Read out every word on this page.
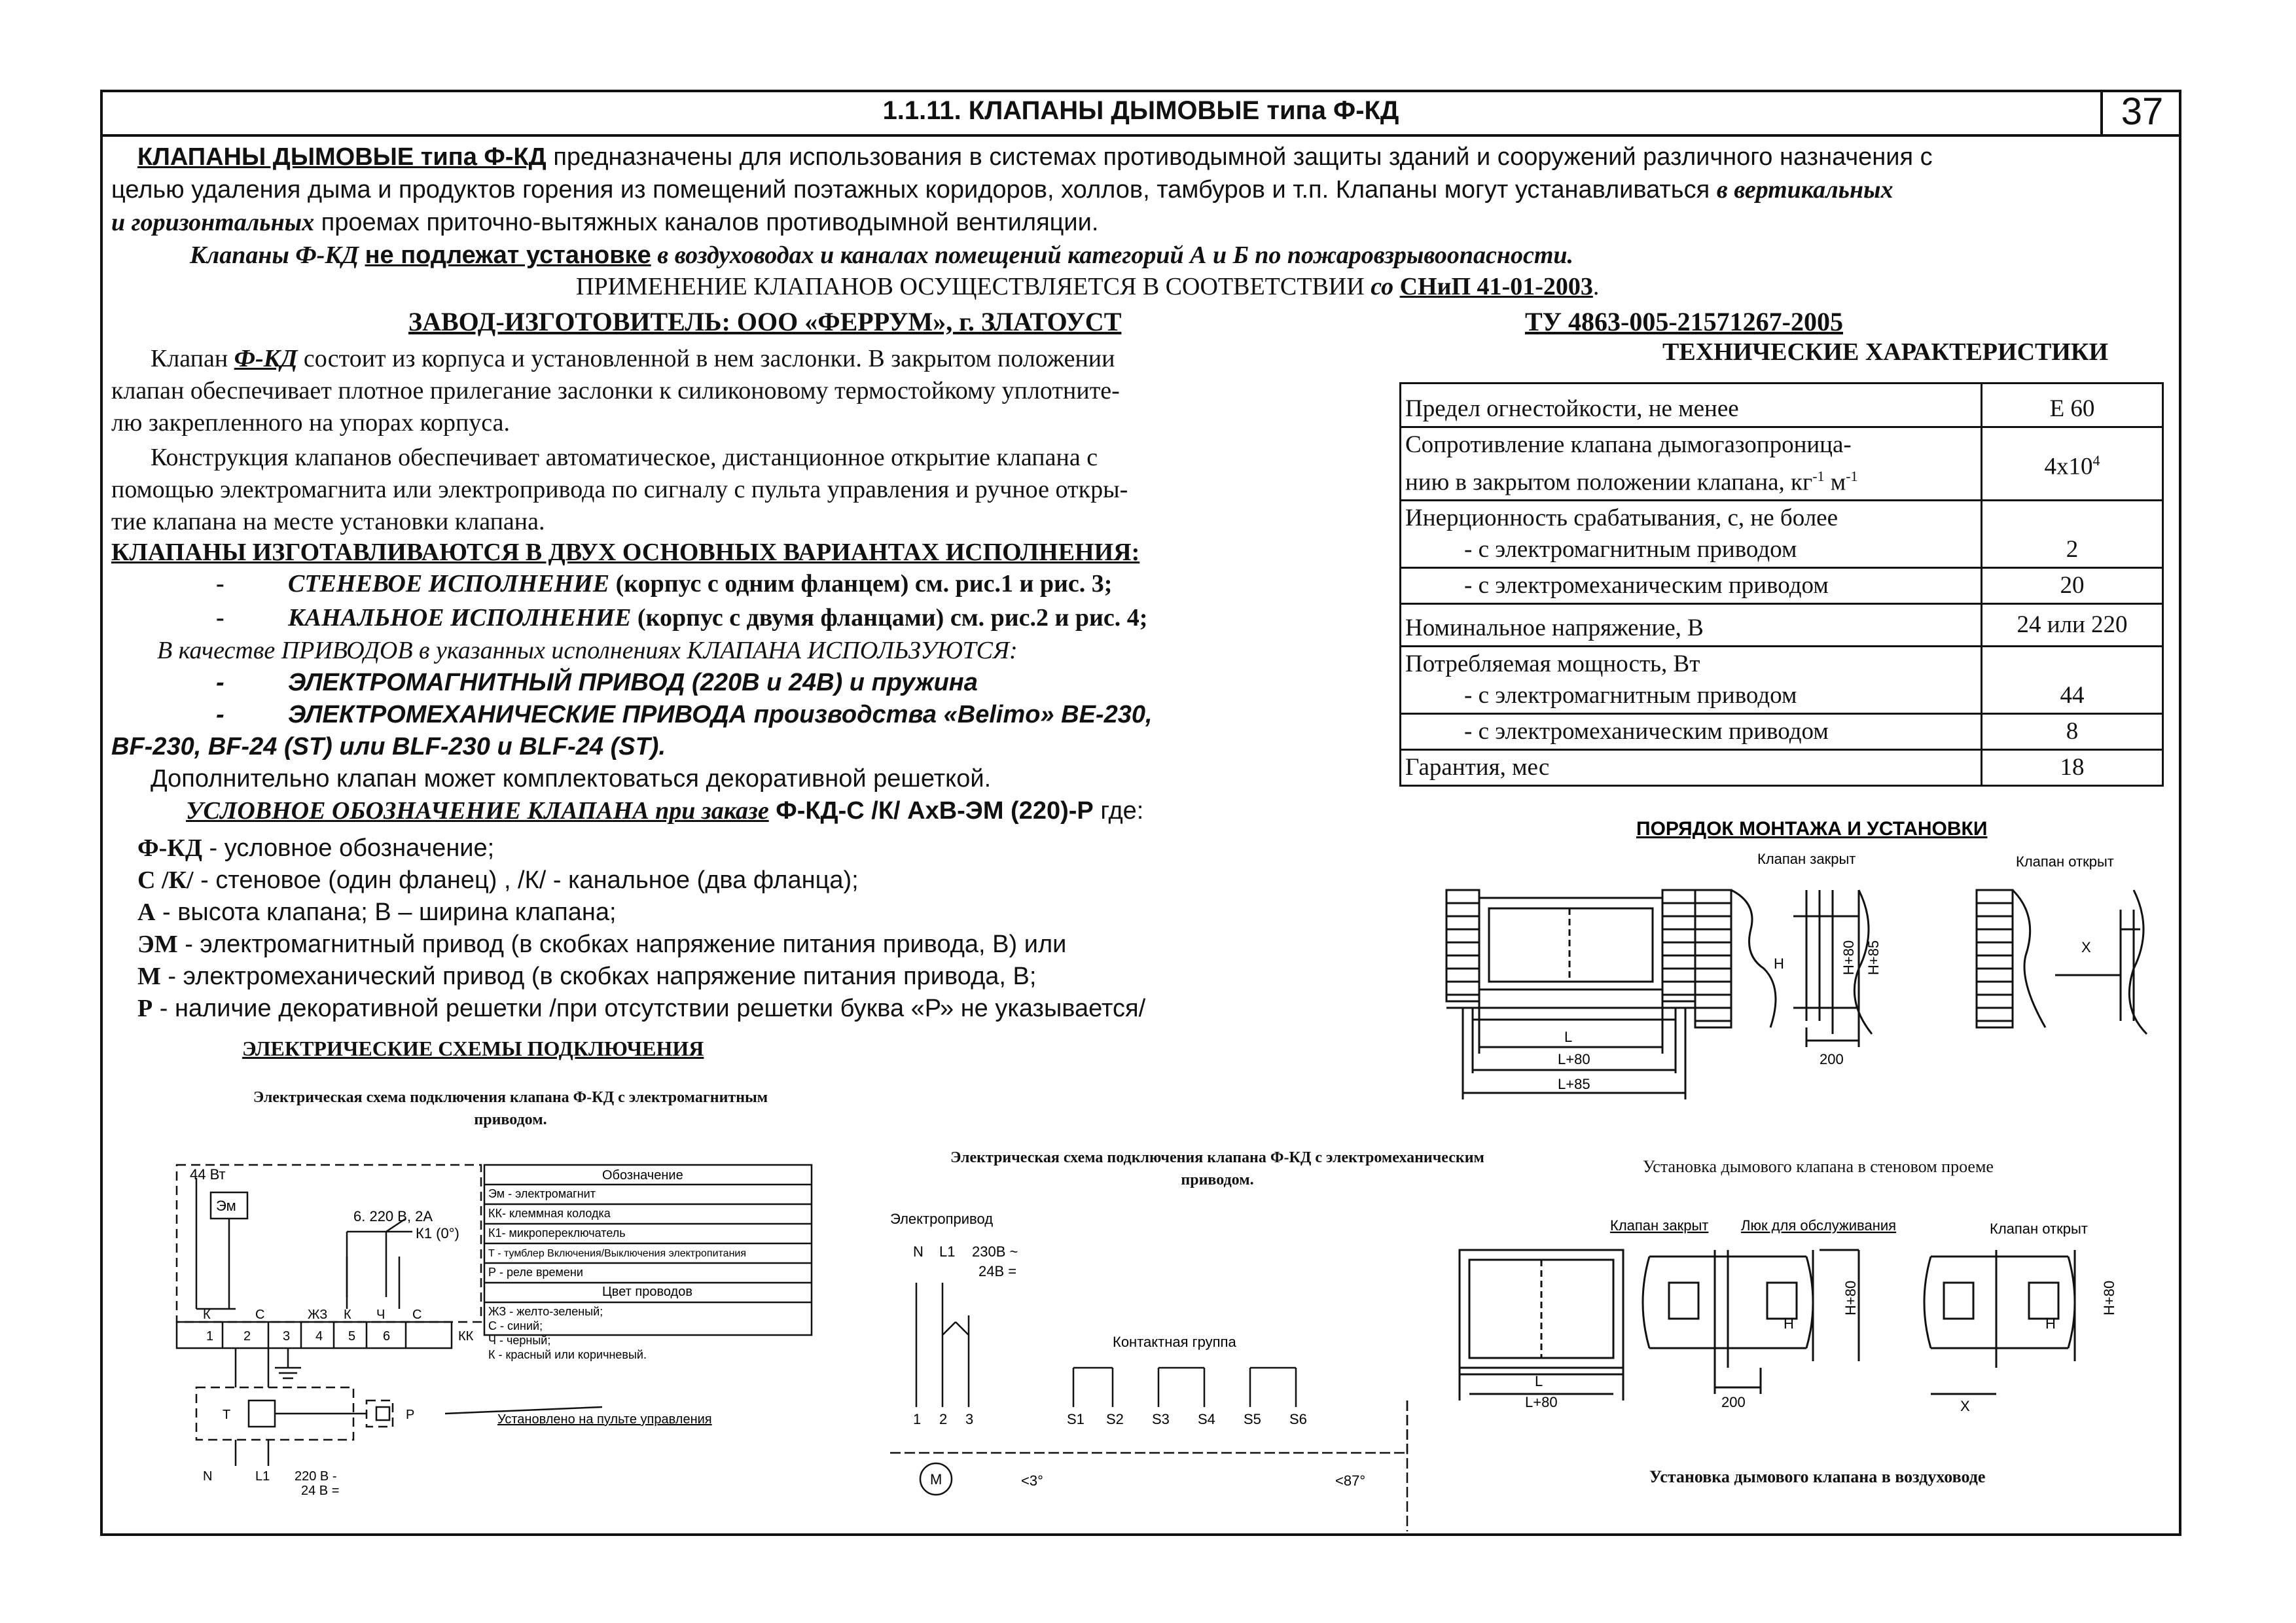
1.1.11. КЛАПАНЫ ДЫМОВЫЕ типа Ф-КД	37
КЛАПАНЫ ДЫМОВЫЕ типа Ф-КД предназначены для использования в системах противодымной защиты зданий и сооружений различного назначения с
целью удаления дыма и продуктов горения из помещений поэтажных коридоров, холлов, тамбуров и т.п. Клапаны могут устанавливаться в вертикальных
и горизонтальных проемах приточно-вытяжных каналов противодымной вентиляции.
Клапаны Ф-КД не подлежат установке в воздуховодах и каналах помещений категорий А и Б по пожаровзрывоопасности.
ПРИМЕНЕНИЕ КЛАПАНОВ ОСУЩЕСТВЛЯЕТСЯ В СООТВЕТСТВИИ со СНиП 41-01-2003.
ЗАВОД-ИЗГОТОВИТЕЛЬ: ООО «ФЕРРУМ», г. ЗЛАТОУСТ	ТУ 4863-005-21571267-2005
ТЕХНИЧЕСКИЕ ХАРАКТЕРИСТИКИ
Клапан Ф-КД состоит из корпуса и установленной в нем заслонки. В закрытом положении
клапан обеспечивает плотное прилегание заслонки к силиконовому термостойкому уплотните-
лю закрепленного на упорах корпуса.
Конструкция клапанов обеспечивает автоматическое, дистанционное открытие клапана с
помощью электромагнита или электропривода по сигналу с пульта управления и ручное откры-
тие клапана на месте установки клапана.
КЛАПАНЫ ИЗГОТАВЛИВАЮТСЯ В ДВУХ ОСНОВНЫХ ВАРИАНТАХ ИСПОЛНЕНИЯ:
-	СТЕНЕВОЕ ИСПОЛНЕНИЕ (корпус с одним фланцем) см. рис.1 и рис. 3;
-	КАНАЛЬНОЕ ИСПОЛНЕНИЕ (корпус с двумя фланцами) см. рис.2 и рис. 4;
В качестве ПРИВОДОВ в указанных исполнениях КЛАПАНА ИСПОЛЬЗУЮТСЯ:
-	ЭЛЕКТРОМАГНИТНЫЙ ПРИВОД (220В и 24В) и пружина
-	ЭЛЕКТРОМЕХАНИЧЕСКИЕ ПРИВОДА производства «Belimo» BE-230,
BF-230, BF-24 (ST) или BLF-230 и BLF-24 (ST).
Дополнительно клапан может комплектоваться декоративной решеткой.
УСЛОВНОЕ ОБОЗНАЧЕНИЕ КЛАПАНА при заказе Ф-КД-С /К/ АхВ-ЭМ (220)-Р где:
Ф-КД - условное обозначение;
С /К/ - стеновое (один фланец) , /К/ - канальное (два фланца);
А - высота клапана; В – ширина клапана;
ЭМ - электромагнитный привод (в скобках напряжение питания привода, В) или
М - электромеханический привод (в скобках напряжение питания привода, В;
Р - наличие декоративной решетки /при отсутствии решетки буква «Р» не указывается/
ЭЛЕКТРИЧЕСКИЕ СХЕМЫ ПОДКЛЮЧЕНИЯ
Предел огнестойкости, не менее	Е 60
Сопротивление клапана дымогазопроница-
нию в закрытом положении клапана, $кг^{-1}$ $м^{-1}$	$4х10^4$
Инерционность срабатывания, с, не более
- с электромагнитным приводом	2

- с электромеханическим приводом	20
Номинальное напряжение, В	24 или 220
Потребляемая мощность, Вт
- с электромагнитным приводом	44

- с электромеханическим приводом	8
Гарантия, мес	18
ПОРЯДОК МОНТАЖА И УСТАНОВКИ
L
L+80
L+85
Клапан закрыт
H	H+80 H+85
200
Клапан открыт
X
Электрическая схема подключения клапана Ф-КД с электромагнитным
приводом.
44 Вт
Эм
6. 220 В, 2А
К1 (0°)
Обозначение
Эм - электромагнит
КК- клеммная колодка
К1- микропереключатель
Т - тумблер Включения/Выключения электропитания
Р - реле времени
Цвет проводов
ЖЗ - желто-зеленый;
С - синий;
Ч - черный;
К - красный или коричневый.
К	С	ЖЗ К Ч С
1 2 3 4 5 6	КК
Т	Р	Установлено на пульте управления
N	L1 220 В -
24 В =
Электрическая схема подключения клапана Ф-КД с электромеханическим
приводом.
Электропривод
N L1 230В ~
24В =
Контактная группа
1 2 3	S1 S2 S3 S4 S5 S6
M	<3°	<87°
Установка дымового клапана в стеновом проеме
Клапан закрыт Люк для обслуживания	Клапан открыт
L
L+80
H
H+80
200
H
H+80
X
Установка дымового клапана в воздуховоде
